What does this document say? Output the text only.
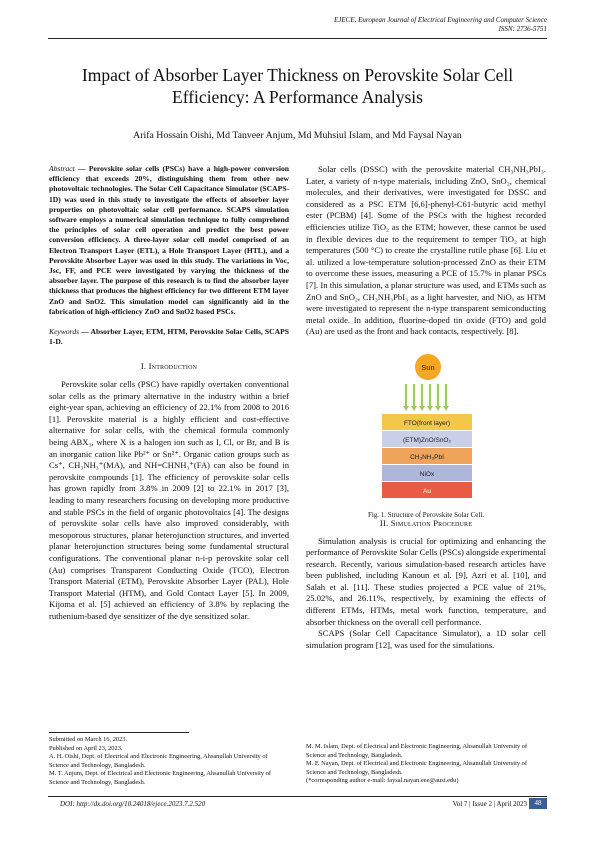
EJECE, European Journal of Electrical Engineering and Computer Science
ISSN: 2736-5751
Impact of Absorber Layer Thickness on Perovskite Solar Cell Efficiency: A Performance Analysis
Arifa Hossain Oishi, Md Tanveer Anjum, Md Muhsiul Islam, and Md Faysal Nayan
Abstract — Perovskite solar cells (PSCs) have a high-power conversion efficiency that exceeds 20%, distinguishing them from other new photovoltaic technologies. The Solar Cell Capacitance Simulator (SCAPS-1D) was used in this study to investigate the effects of absorber layer properties on photovoltaic solar cell performance. SCAPS simulation software employs a numerical simulation technique to fully comprehend the principles of solar cell operation and predict the best power conversion efficiency. A three-layer solar cell model comprised of an Electron Transport Layer (ETL), a Hole Transport Layer (HTL), and a Perovskite Absorber Layer was used in this study. The variations in Voc, Jsc, FF, and PCE were investigated by varying the thickness of the absorber layer. The purpose of this research is to find the absorber layer thickness that produces the highest efficiency for two different ETM layer ZnO and SnO2. This simulation model can significantly aid in the fabrication of high-efficiency ZnO and SnO2 based PSCs.
Keywords — Absorber Layer, ETM, HTM, Perovskite Solar Cells, SCAPS 1-D.
I. Introduction

Perovskite solar cells (PSC) have rapidly overtaken conventional solar cells as the primary alternative in the industry within a brief eight-year span, achieving an efficiency of 22.1% from 2008 to 2016 [1]. Perovskite material is a highly efficient and cost-effective alternative for solar cells, with the chemical formula commonly being ABX₃, where X is a halogen ion such as I, Cl, or Br, and B is an inorganic cation like Pb²⁺ or Sn²⁺. Organic cation groups such as Cs⁺, CH₃NH₃⁺(MA), and NH=CHNH₃⁺(FA) can also be found in perovskite compounds [1]. The efficiency of perovskite solar cells has grown rapidly from 3.8% in 2009 [2] to 22.1% in 2017 [3], leading to many researchers focusing on developing more productive and stable PSCs in the field of organic photovoltaics [4]. The designs of perovskite solar cells have also improved considerably, with mesoporous structures, planar heterojunction structures, and inverted planar heterojunction structures being some fundamental structural configurations. The conventional planar n-i-p perovskite solar cell (Au) comprises Transparent Conducting Oxide (TCO), Electron Transport Material (ETM), Perovskite Absorber Layer (PAL), Hole Transport Material (HTM), and Gold Contact Layer [5]. In 2009, Kijoma et al. [5] achieved an efficiency of 3.8% by replacing the ruthenium-based dye sensitizer of the dye sensitized solar.

Solar cells (DSSC) with the perovskite material CH₃NH₃PbI₃. Later, a variety of n-type materials, including ZnO, SnO₂, chemical molecules, and their derivatives, were investigated for DSSC and considered as a PSC ETM [6,6]-phenyl-C61-butyric acid methyl ester (PCBM) [4]. Some of the PSCs with the highest recorded efficiencies utilize TiO₂ as the ETM; however, these cannot be used in flexible devices due to the requirement to temper TiO₂ at high temperatures (500 °C) to create the crystalline rutile phase [6]. Liu et al. utilized a low-temperature solution-processed ZnO as their ETM to overcome these issues, measuring a PCE of 15.7% in planar PSCs [7]. In this simulation, a planar structure was used, and ETMs such as ZnO and SnO₂, CH₃NH₃PbI₃ as a light harvester, and NiOₓ as HTM were investigated to represent the n-type transparent semiconducting metal oxide. In addition, fluorine-doped tin oxide (FTO) and gold (Au) are used as the front and back contacts, respectively. [8].

Sun
FTO(front layer)
(ETM)ZnO/SnO₂
CH₃NH₃PbI
NiOx
Au
Fig. 1. Structure of Perovskite Solar Cell.
II. Simulation Procedure

Simulation analysis is crucial for optimizing and enhancing the performance of Perovskite Solar Cells (PSCs) alongside experimental research. Recently, various simulation-based research articles have been published, including Kanoun et al. [9], Azri et al. [10], and Salah et al. [11]. These studies projected a PCE value of 21%, 25.02%, and 26.11%, respectively, by examining the effects of different ETMs, HTMs, metal work function, temperature, and absorber thickness on the overall cell performance.

SCAPS (Solar Cell Capacitance Simulator), a 1D solar cell simulation program [12], was used for the simulations.

Submitted on March 16, 2023.
Published on April 23, 2023.
A. H. Oishi, Dept. of Electrical and Electronic Engineering, Ahsanullah University of Science and Technology, Bangladesh.
M. T. Anjum, Dept. of Electrical and Electronic Engineering, Ahsanullah University of Science and Technology, Bangladesh.
M. M. Islam, Dept. of Electrical and Electronic Engineering, Ahsanullah University of Science and Technology, Bangladesh.
M. F. Nayan, Dept. of Electrical and Electronic Engineering, Ahsanullah University of Science and Technology, Bangladesh.
(*corresponding author e-mail: faysal.nayan.eee@aust.edu)
DOI: http://dx.doi.org/10.24018/ejece.2023.7.2.520	Vol 7 | Issue 2 | April 2023	48
